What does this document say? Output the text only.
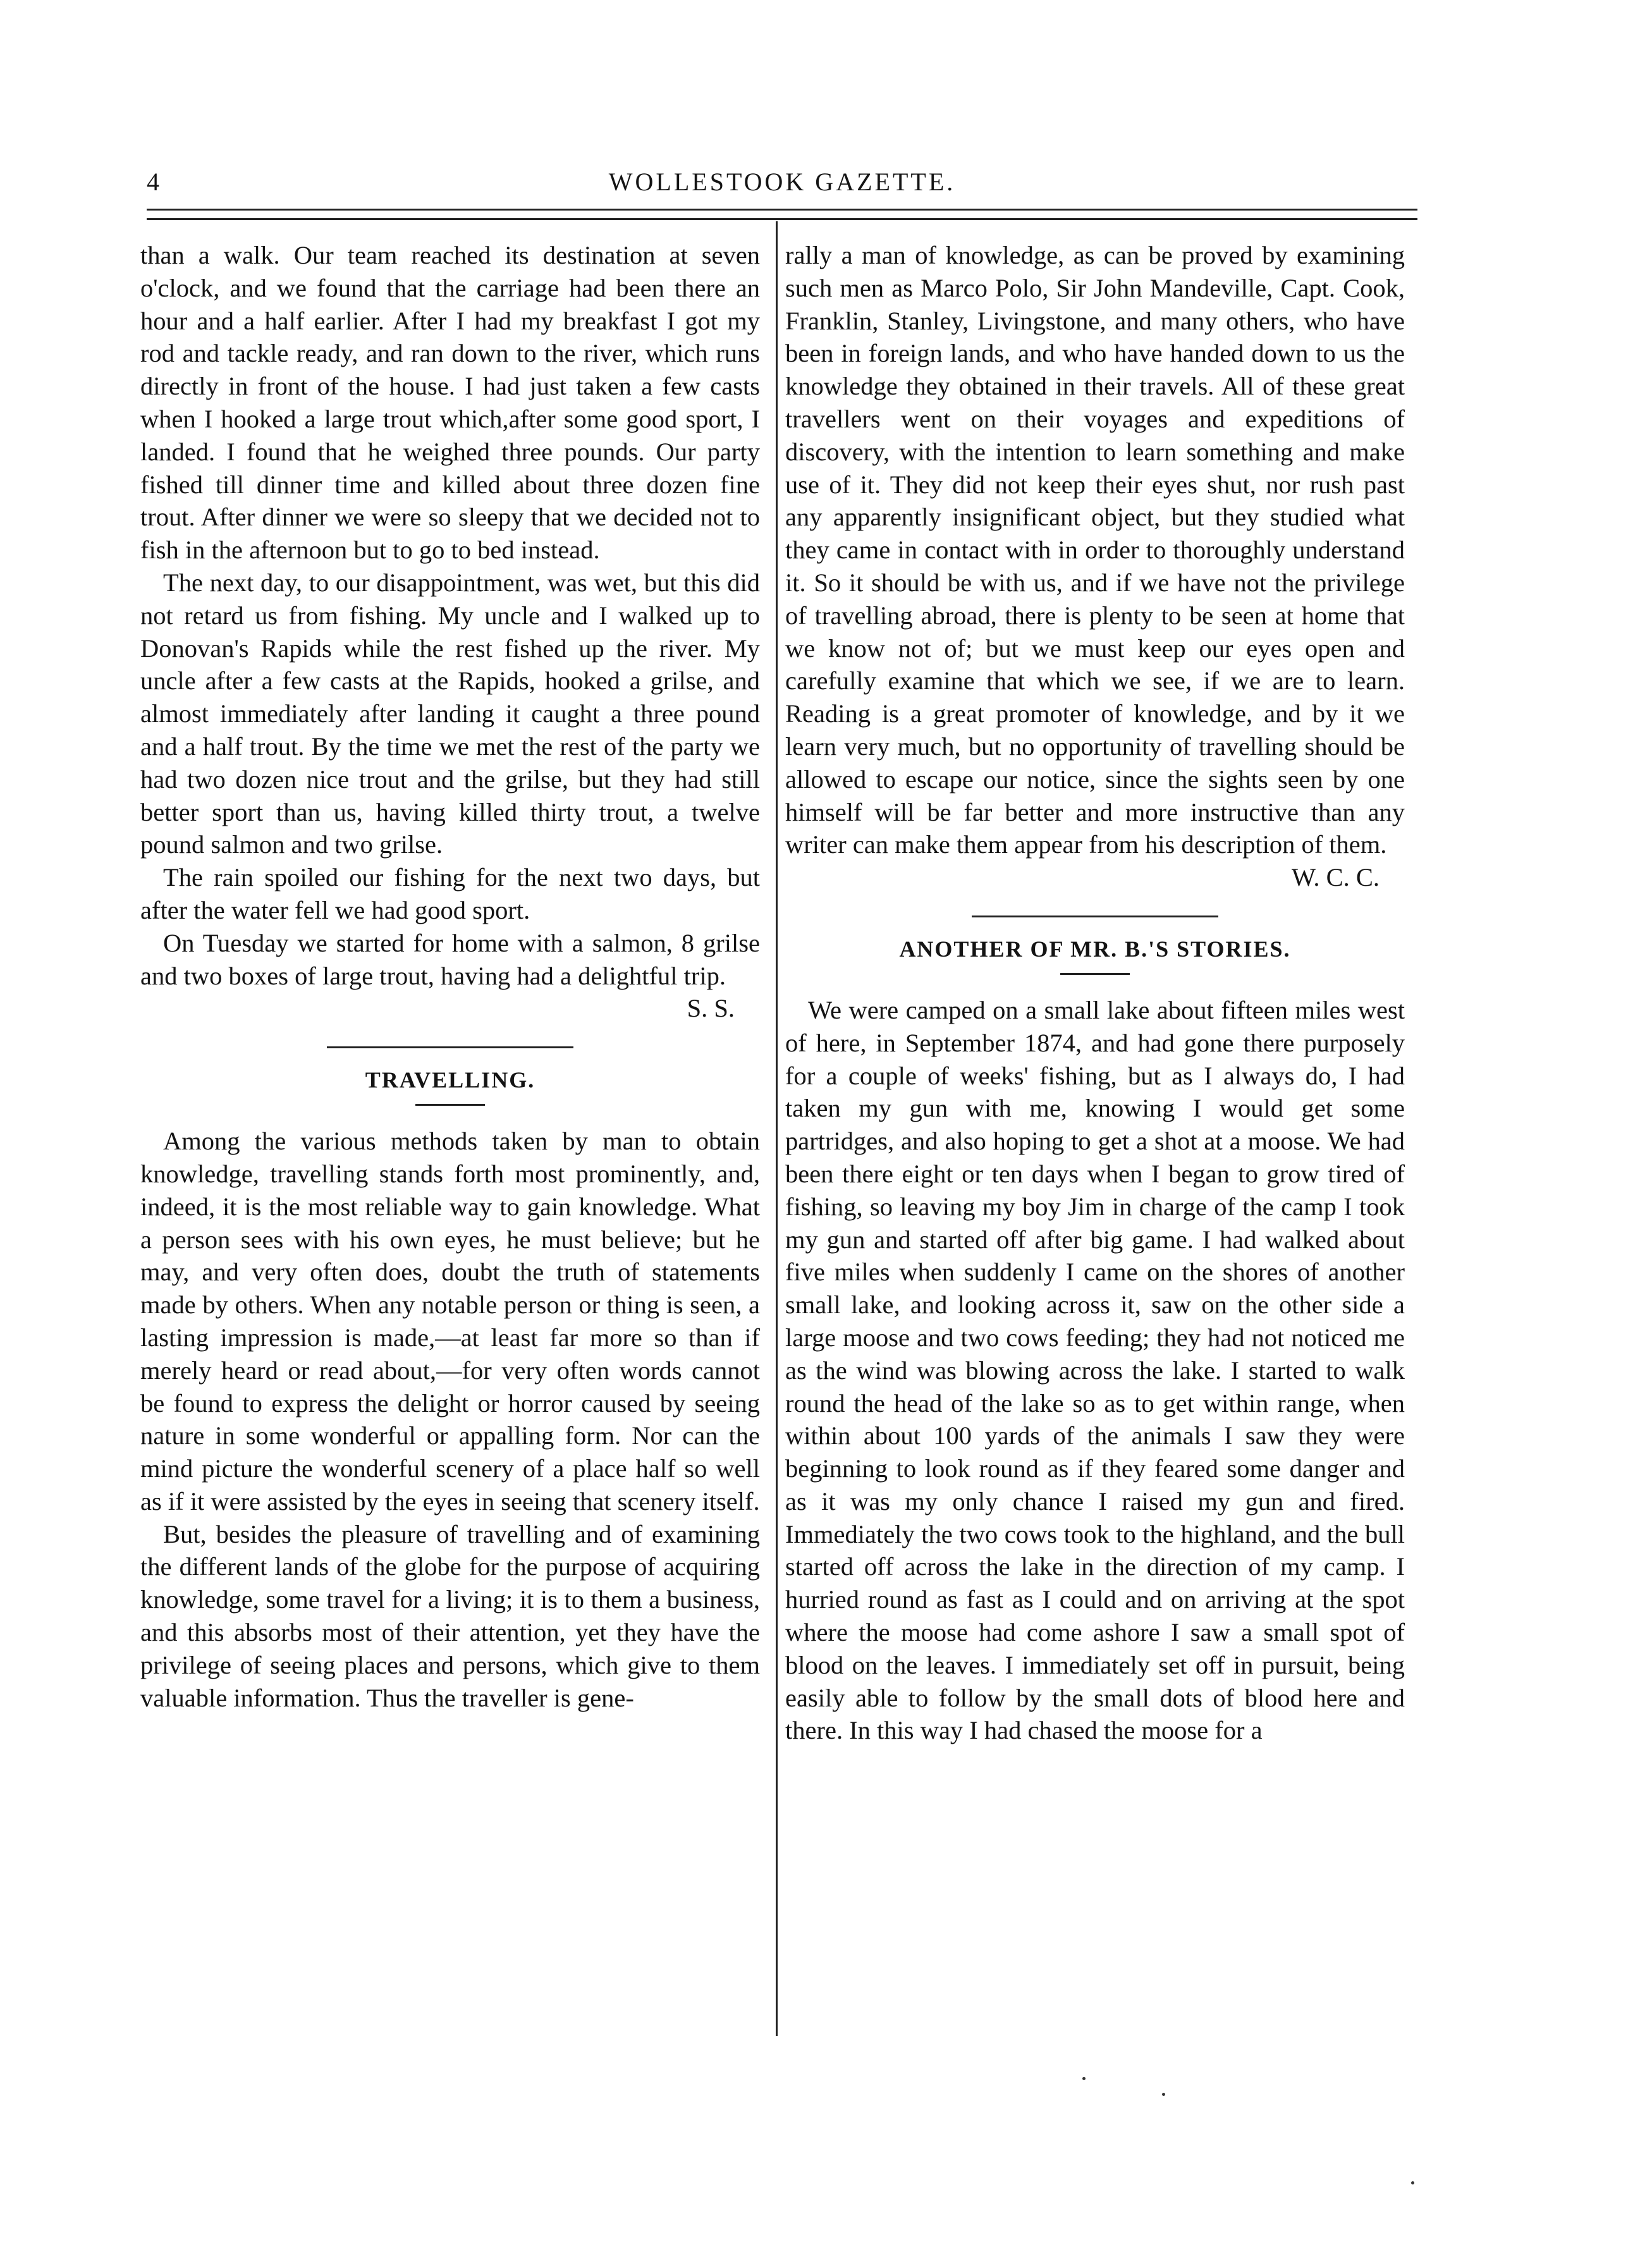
4	WOLLESTOOK GAZETTE.

than a walk. Our team reached its destination at seven o'clock, and we found that the carriage had been there an hour and a half earlier. After I had my breakfast I got my rod and tackle ready, and ran down to the river, which runs directly in front of the house. I had just taken a few casts when I hooked a large trout which,after some good sport, I landed. I found that he weighed three pounds. Our party fished till dinner time and killed about three dozen fine trout. After dinner we were so sleepy that we decided not to fish in the afternoon but to go to bed instead.

The next day, to our disappointment, was wet, but this did not retard us from fishing. My uncle and I walked up to Donovan's Rapids while the rest fished up the river. My uncle after a few casts at the Rapids, hooked a grilse, and almost immediately after landing it caught a three pound and a half trout. By the time we met the rest of the party we had two dozen nice trout and the grilse, but they had still better sport than us, having killed thirty trout, a twelve pound salmon and two grilse.

The rain spoiled our fishing for the next two days, but after the water fell we had good sport.

On Tuesday we started for home with a salmon, 8 grilse and two boxes of large trout, having had a delightful trip.

S. S.

TRAVELLING.

Among the various methods taken by man to obtain knowledge, travelling stands forth most prominently, and, indeed, it is the most reliable way to gain knowledge. What a person sees with his own eyes, he must believe; but he may, and very often does, doubt the truth of statements made by others. When any notable person or thing is seen, a lasting impression is made,—at least far more so than if merely heard or read about,—for very often words cannot be found to express the delight or horror caused by seeing nature in some wonderful or appalling form. Nor can the mind picture the wonderful scenery of a place half so well as if it were assisted by the eyes in seeing that scenery itself.

But, besides the pleasure of travelling and of examining the different lands of the globe for the purpose of acquiring knowledge, some travel for a living; it is to them a business, and this absorbs most of their attention, yet they have the privilege of seeing places and persons, which give to them valuable information. Thus the traveller is gene-

rally a man of knowledge, as can be proved by examining such men as Marco Polo, Sir John Mandeville, Capt. Cook, Franklin, Stanley, Livingstone, and many others, who have been in foreign lands, and who have handed down to us the knowledge they obtained in their travels. All of these great travellers went on their voyages and expeditions of discovery, with the intention to learn something and make use of it. They did not keep their eyes shut, nor rush past any apparently insignificant object, but they studied what they came in contact with in order to thoroughly understand it. So it should be with us, and if we have not the privilege of travelling abroad, there is plenty to be seen at home that we know not of; but we must keep our eyes open and carefully examine that which we see, if we are to learn. Reading is a great promoter of knowledge, and by it we learn very much, but no opportunity of travelling should be allowed to escape our notice, since the sights seen by one himself will be far better and more instructive than any writer can make them appear from his description of them.

W. C. C.

ANOTHER OF MR. B.'S STORIES.

We were camped on a small lake about fifteen miles west of here, in September 1874, and had gone there purposely for a couple of weeks' fishing, but as I always do, I had taken my gun with me, knowing I would get some partridges, and also hoping to get a shot at a moose. We had been there eight or ten days when I began to grow tired of fishing, so leaving my boy Jim in charge of the camp I took my gun and started off after big game. I had walked about five miles when suddenly I came on the shores of another small lake, and looking across it, saw on the other side a large moose and two cows feeding; they had not noticed me as the wind was blowing across the lake. I started to walk round the head of the lake so as to get within range, when within about 100 yards of the animals I saw they were beginning to look round as if they feared some danger and as it was my only chance I raised my gun and fired. Immediately the two cows took to the highland, and the bull started off across the lake in the direction of my camp. I hurried round as fast as I could and on arriving at the spot where the moose had come ashore I saw a small spot of blood on the leaves. I immediately set off in pursuit, being easily able to follow by the small dots of blood here and there. In this way I had chased the moose for a
